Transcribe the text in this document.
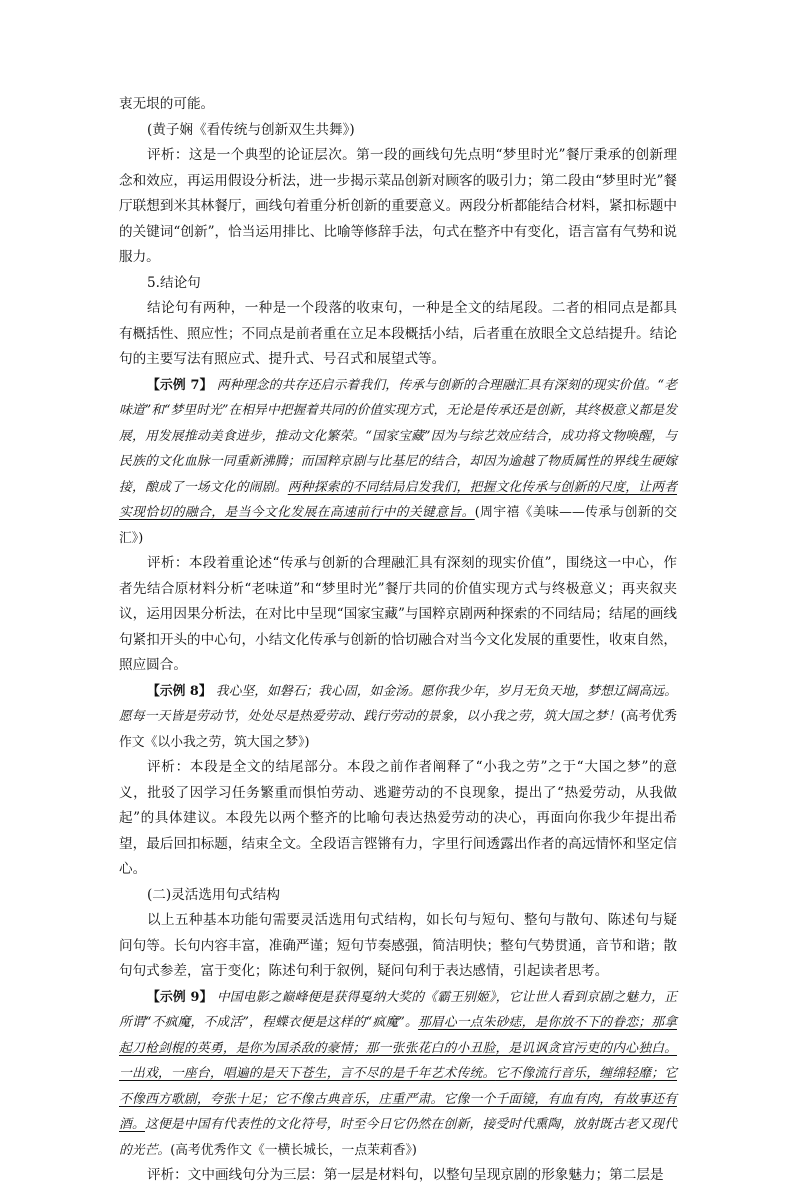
衷无垠的可能。

(黄子娴《看传统与创新双生共舞》)

评析：这是一个典型的论证层次。第一段的画线句先点明“梦里时光”餐厅秉承的创新理念和效应，再运用假设分析法，进一步揭示菜品创新对顾客的吸引力；第二段由“梦里时光”餐厅联想到米其林餐厅，画线句着重分析创新的重要意义。两段分析都能结合材料，紧扣标题中的关键词“创新”，恰当运用排比、比喻等修辞手法，句式在整齐中有变化，语言富有气势和说服力。

5.结论句

结论句有两种，一种是一个段落的收束句，一种是全文的结尾段。二者的相同点是都具有概括性、照应性；不同点是前者重在立足本段概括小结，后者重在放眼全文总结提升。结论句的主要写法有照应式、提升式、号召式和展望式等。

【示例 7】 两种理念的共存还启示着我们，传承与创新的合理融汇具有深刻的现实价值。“老味道”和“梦里时光”在相异中把握着共同的价值实现方式，无论是传承还是创新，其终极意义都是发展，用发展推动美食进步，推动文化繁荣。“国家宝藏”因为与综艺效应结合，成功将文物唤醒，与民族的文化血脉一同重新沸腾；而国粹京剧与比基尼的结合，却因为逾越了物质属性的界线生硬嫁接，酿成了一场文化的闹剧。两种探索的不同结局启发我们，把握文化传承与创新的尺度，让两者实现恰切的融合，是当今文化发展在高速前行中的关键意旨。(周宇禧《美味——传承与创新的交汇》)

评析：本段着重论述“传承与创新的合理融汇具有深刻的现实价值”，围绕这一中心，作者先结合原材料分析“老味道”和“梦里时光”餐厅共同的价值实现方式与终极意义；再夹叙夹议，运用因果分析法，在对比中呈现“国家宝藏”与国粹京剧两种探索的不同结局；结尾的画线句紧扣开头的中心句，小结文化传承与创新的恰切融合对当今文化发展的重要性，收束自然，照应圆合。

【示例 8】 我心坚，如磐石；我心固，如金汤。愿你我少年，岁月无负天地，梦想辽阔高远。愿每一天皆是劳动节，处处尽是热爱劳动、践行劳动的景象，以小我之劳，筑大国之梦！(高考优秀作文《以小我之劳，筑大国之梦》)

评析：本段是全文的结尾部分。本段之前作者阐释了“小我之劳”之于“大国之梦”的意义，批驳了因学习任务繁重而惧怕劳动、逃避劳动的不良现象，提出了“热爱劳动，从我做起”的具体建议。本段先以两个整齐的比喻句表达热爱劳动的决心，再面向你我少年提出希望，最后回扣标题，结束全文。全段语言铿锵有力，字里行间透露出作者的高远情怀和坚定信心。

(二)灵活选用句式结构

以上五种基本功能句需要灵活选用句式结构，如长句与短句、整句与散句、陈述句与疑问句等。长句内容丰富，准确严谨；短句节奏感强，简洁明快；整句气势贯通，音节和谐；散句句式参差，富于变化；陈述句利于叙例，疑问句利于表达感情，引起读者思考。

【示例 9】 中国电影之巅峰便是获得戛纳大奖的《霸王别姬》，它让世人看到京剧之魅力，正所谓“不疯魔，不成活”，程蝶衣便是这样的“疯魔”。那眉心一点朱砂痣，是你放不下的眷恋；那拿起刀枪剑棍的英勇，是你为国杀敌的豪情；那一张张花白的小丑脸，是讥讽贪官污吏的内心独白。一出戏，一座台，唱遍的是天下苍生，言不尽的是千年艺术传统。它不像流行音乐，缠绵轻靡；它不像西方歌剧，夸张十足；它不像古典音乐，庄重严肃。它像一个千面镜，有血有肉，有故事还有酒。这便是中国有代表性的文化符号，时至今日它仍然在创新，接受时代熏陶，放射既古老又现代的光芒。(高考优秀作文《一横长城长，一点茉莉香》)

评析：文中画线句分为三层：第一层是材料句，以整句呈现京剧的形象魅力；第二层是
